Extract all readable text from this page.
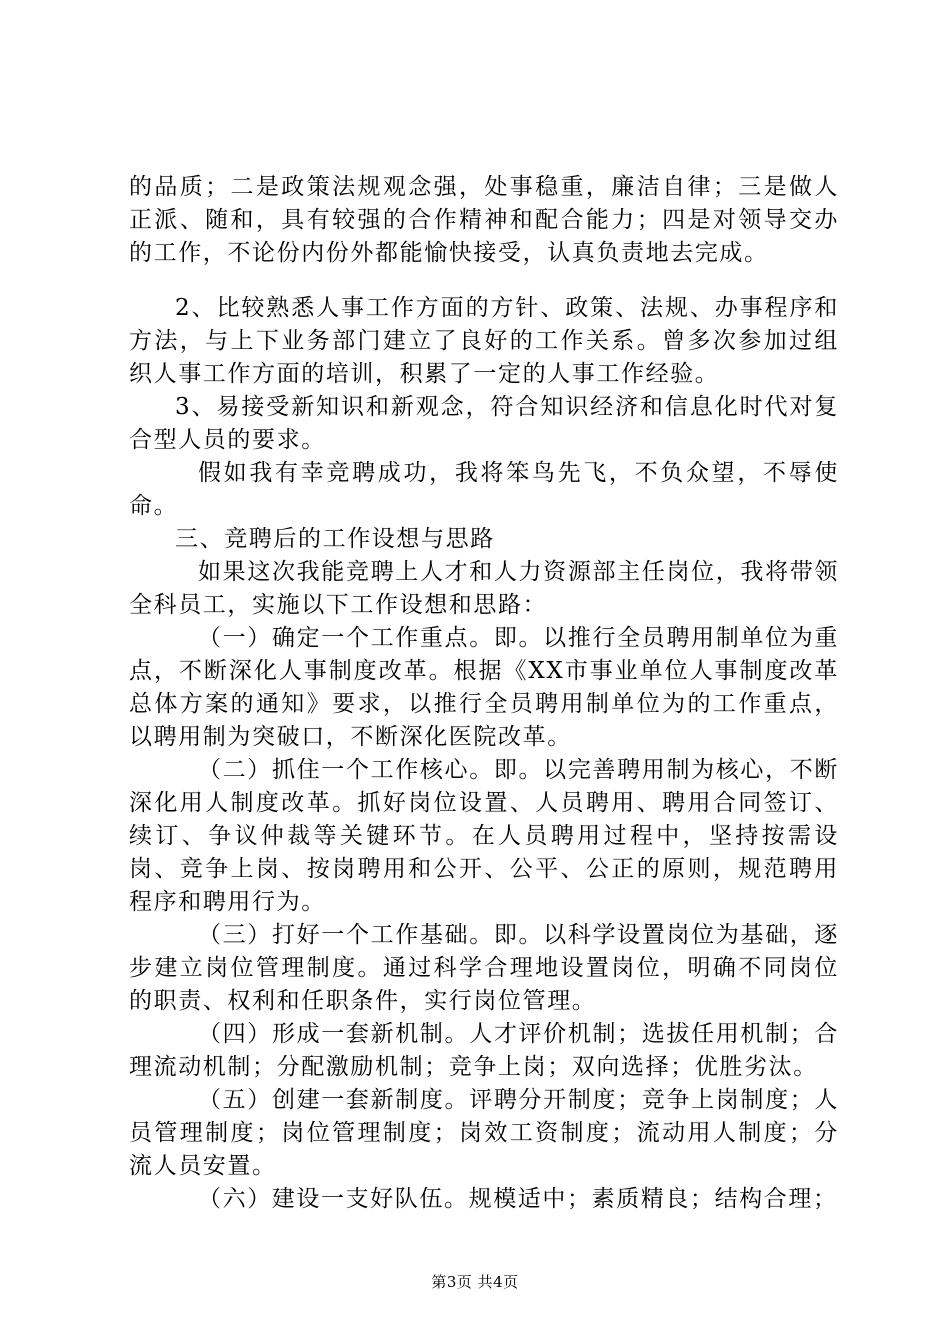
的品质；二是政策法规观念强，处事稳重，廉洁自律；三是做人正派、随和，具有较强的合作精神和配合能力；四是对领导交办的工作，不论份内份外都能愉快接受，认真负责地去完成。

2、比较熟悉人事工作方面的方针、政策、法规、办事程序和方法，与上下业务部门建立了良好的工作关系。曾多次参加过组织人事工作方面的培训，积累了一定的人事工作经验。

3、易接受新知识和新观念，符合知识经济和信息化时代对复合型人员的要求。

假如我有幸竞聘成功，我将笨鸟先飞，不负众望，不辱使命。

三、竞聘后的工作设想与思路

如果这次我能竞聘上人才和人力资源部主任岗位，我将带领全科员工，实施以下工作设想和思路：

（一）确定一个工作重点。即。以推行全员聘用制单位为重点，不断深化人事制度改革。根据《XX市事业单位人事制度改革总体方案的通知》要求，以推行全员聘用制单位为的工作重点，以聘用制为突破口，不断深化医院改革。

（二）抓住一个工作核心。即。以完善聘用制为核心，不断深化用人制度改革。抓好岗位设置、人员聘用、聘用合同签订、续订、争议仲裁等关键环节。在人员聘用过程中，坚持按需设岗、竞争上岗、按岗聘用和公开、公平、公正的原则，规范聘用程序和聘用行为。

（三）打好一个工作基础。即。以科学设置岗位为基础，逐步建立岗位管理制度。通过科学合理地设置岗位，明确不同岗位的职责、权利和任职条件，实行岗位管理。

（四）形成一套新机制。人才评价机制；选拔任用机制；合理流动机制；分配激励机制；竞争上岗；双向选择；优胜劣汰。

（五）创建一套新制度。评聘分开制度；竞争上岗制度；人员管理制度；岗位管理制度；岗效工资制度；流动用人制度；分流人员安置。

（六）建设一支好队伍。规模适中；素质精良；结构合理；

第3页 共4页
